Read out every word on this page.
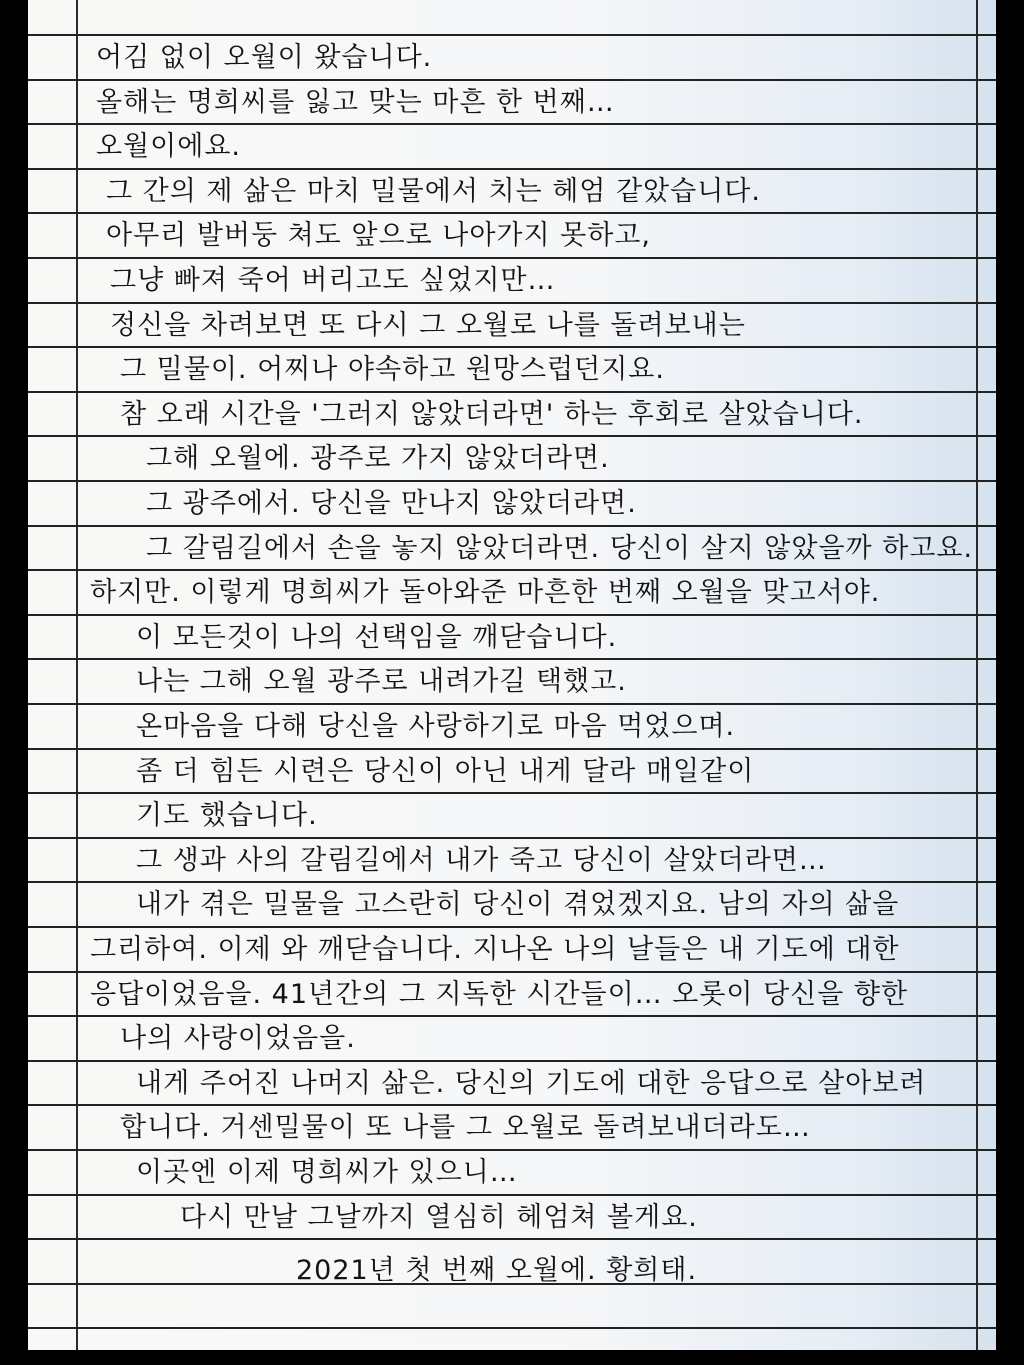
어김 없이 오월이 왔습니다.
올해는 명희씨를 잃고 맞는 마흔 한 번째…
오월이에요.
그 간의 제 삶은 마치 밀물에서 치는 헤엄 같았습니다.
아무리 발버둥 쳐도 앞으로 나아가지 못하고,
그냥 빠져 죽어 버리고도 싶었지만…
정신을 차려보면 또 다시 그 오월로 나를 돌려보내는
그 밀물이. 어찌나 야속하고 원망스럽던지요.
참 오래 시간을 '그러지 않았더라면' 하는 후회로 살았습니다.
그해 오월에. 광주로 가지 않았더라면.
그 광주에서. 당신을 만나지 않았더라면.
그 갈림길에서 손을 놓지 않았더라면. 당신이 살지 않았을까 하고요.
하지만. 이렇게 명희씨가 돌아와준 마흔한 번째 오월을 맞고서야.
이 모든것이 나의 선택임을 깨닫습니다.
나는 그해 오월 광주로 내려가길 택했고.
온마음을 다해 당신을 사랑하기로 마음 먹었으며.
좀 더 힘든 시련은 당신이 아닌 내게 달라 매일같이
기도 했습니다.
그 생과 사의 갈림길에서 내가 죽고 당신이 살았더라면…
내가 겪은 밀물을 고스란히 당신이 겪었겠지요. 남의 자의 삶을
그리하여. 이제 와 깨닫습니다. 지나온 나의 날들은 내 기도에 대한
응답이었음을. 41년간의 그 지독한 시간들이… 오롯이 당신을 향한
나의 사랑이었음을.
내게 주어진 나머지 삶은. 당신의 기도에 대한 응답으로 살아보려
합니다. 거센밀물이 또 나를 그 오월로 돌려보내더라도…
이곳엔 이제 명희씨가 있으니…
다시 만날 그날까지 열심히 헤엄쳐 볼게요.
2021년 첫 번째 오월에. 황희태.
